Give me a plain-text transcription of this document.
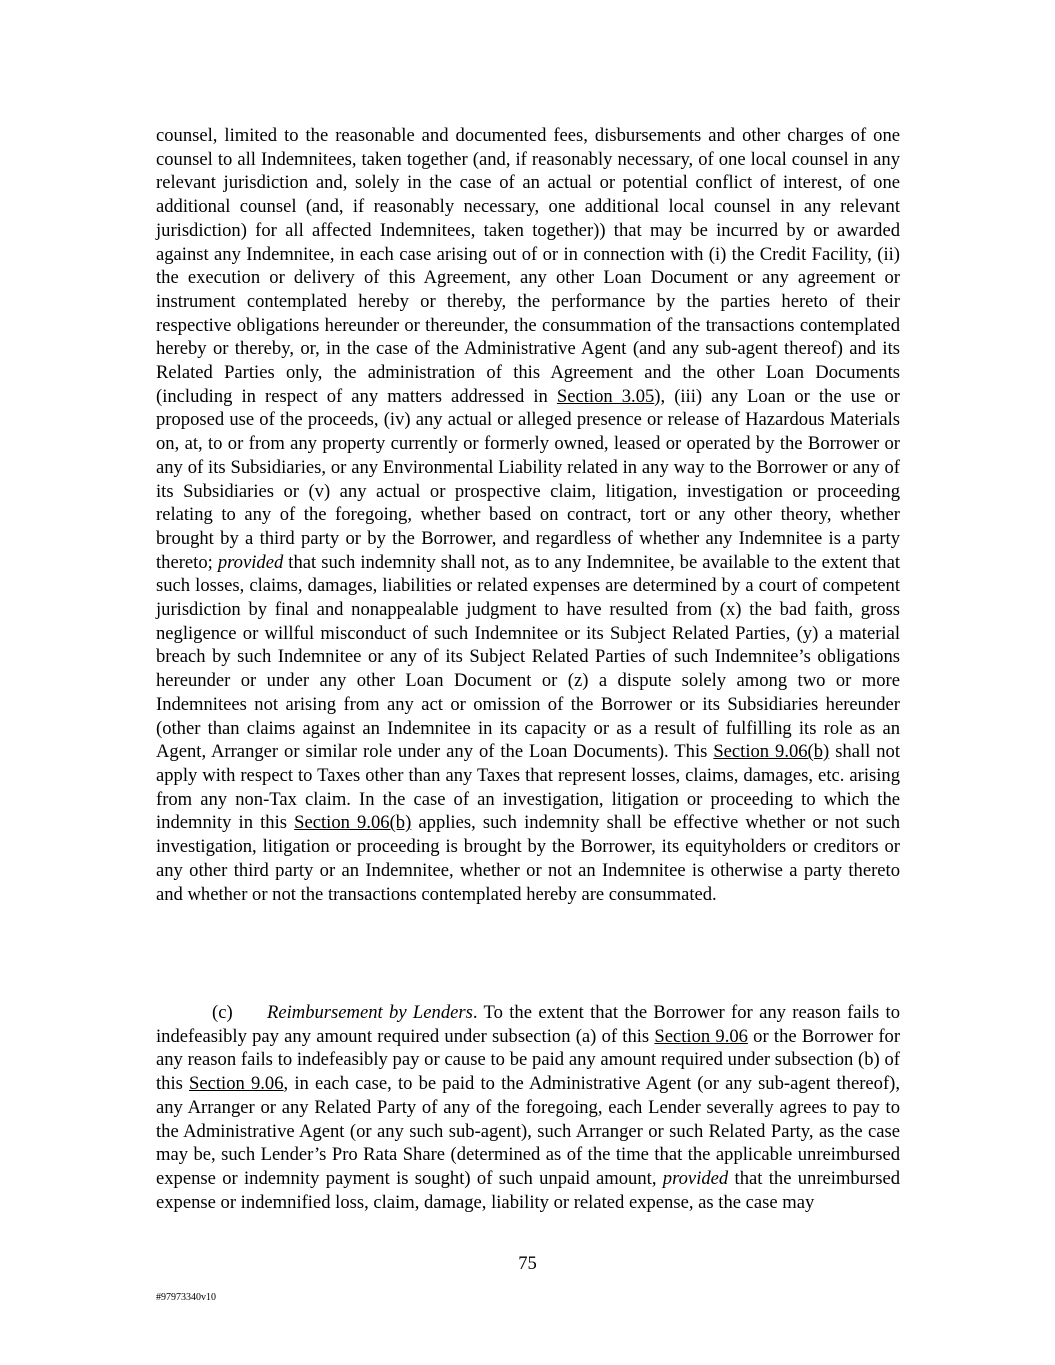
counsel, limited to the reasonable and documented fees, disbursements and other charges of one counsel to all Indemnitees, taken together (and, if reasonably necessary, of one local counsel in any relevant jurisdiction and, solely in the case of an actual or potential conflict of interest, of one additional counsel (and, if reasonably necessary, one additional local counsel in any relevant jurisdiction) for all affected Indemnitees, taken together)) that may be incurred by or awarded against any Indemnitee, in each case arising out of or in connection with (i) the Credit Facility, (ii) the execution or delivery of this Agreement, any other Loan Document or any agreement or instrument contemplated hereby or thereby, the performance by the parties hereto of their respective obligations hereunder or thereunder, the consummation of the transactions contemplated hereby or thereby, or, in the case of the Administrative Agent (and any sub-agent thereof) and its Related Parties only, the administration of this Agreement and the other Loan Documents (including in respect of any matters addressed in Section 3.05), (iii) any Loan or the use or proposed use of the proceeds, (iv) any actual or alleged presence or release of Hazardous Materials on, at, to or from any property currently or formerly owned, leased or operated by the Borrower or any of its Subsidiaries, or any Environmental Liability related in any way to the Borrower or any of its Subsidiaries or (v) any actual or prospective claim, litigation, investigation or proceeding relating to any of the foregoing, whether based on contract, tort or any other theory, whether brought by a third party or by the Borrower, and regardless of whether any Indemnitee is a party thereto; provided that such indemnity shall not, as to any Indemnitee, be available to the extent that such losses, claims, damages, liabilities or related expenses are determined by a court of competent jurisdiction by final and nonappealable judgment to have resulted from (x) the bad faith, gross negligence or willful misconduct of such Indemnitee or its Subject Related Parties, (y) a material breach by such Indemnitee or any of its Subject Related Parties of such Indemnitee’s obligations hereunder or under any other Loan Document or (z) a dispute solely among two or more Indemnitees not arising from any act or omission of the Borrower or its Subsidiaries hereunder (other than claims against an Indemnitee in its capacity or as a result of fulfilling its role as an Agent, Arranger or similar role under any of the Loan Documents). This Section 9.06(b) shall not apply with respect to Taxes other than any Taxes that represent losses, claims, damages, etc. arising from any non-Tax claim. In the case of an investigation, litigation or proceeding to which the indemnity in this Section 9.06(b) applies, such indemnity shall be effective whether or not such investigation, litigation or proceeding is brought by the Borrower, its equityholders or creditors or any other third party or an Indemnitee, whether or not an Indemnitee is otherwise a party thereto and whether or not the transactions contemplated hereby are consummated.

(c) Reimbursement by Lenders. To the extent that the Borrower for any reason fails to indefeasibly pay any amount required under subsection (a) of this Section 9.06 or the Borrower for any reason fails to indefeasibly pay or cause to be paid any amount required under subsection (b) of this Section 9.06, in each case, to be paid to the Administrative Agent (or any sub-agent thereof), any Arranger or any Related Party of any of the foregoing, each Lender severally agrees to pay to the Administrative Agent (or any such sub-agent), such Arranger or such Related Party, as the case may be, such Lender’s Pro Rata Share (determined as of the time that the applicable unreimbursed expense or indemnity payment is sought) of such unpaid amount, provided that the unreimbursed expense or indemnified loss, claim, damage, liability or related expense, as the case may

75
#97973340v10
